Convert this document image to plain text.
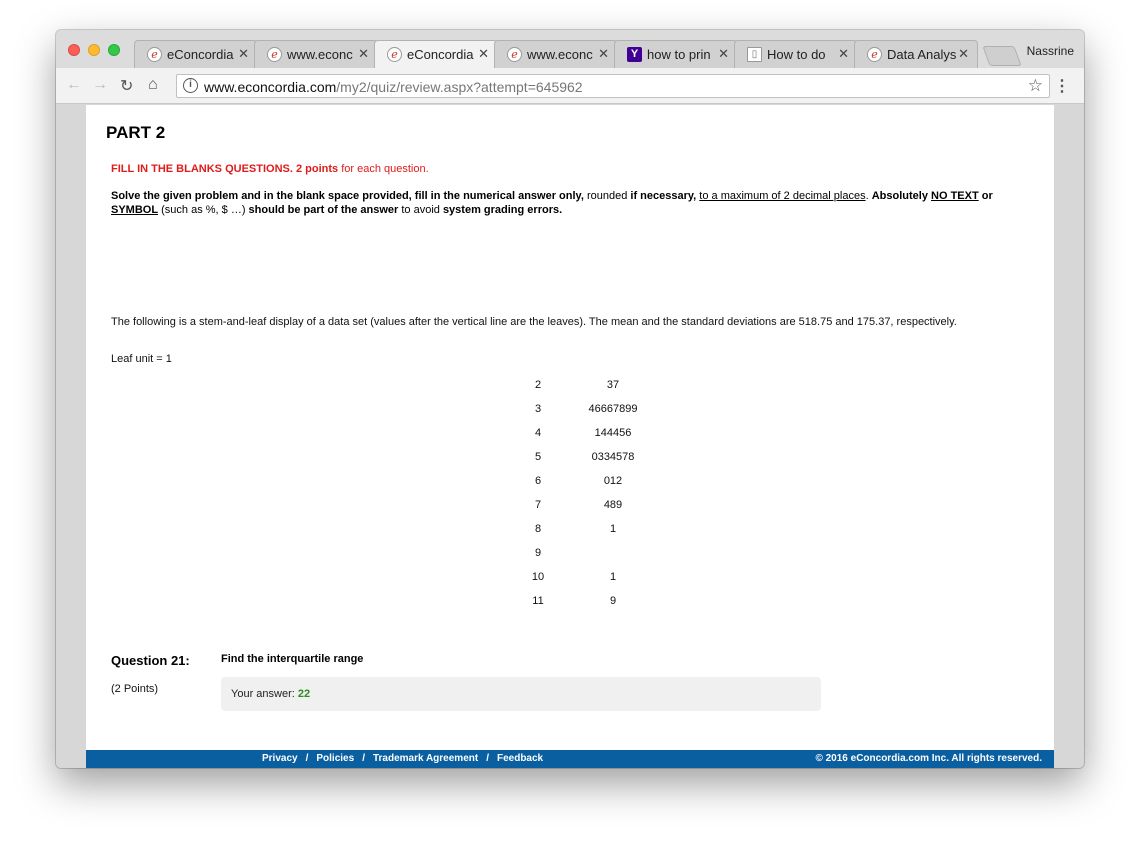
e eConcordia ✕	e www.econc ✕	e eConcordia ✕	e www.econc ✕	Y how to prin ✕	▯ How to do ✕	e Data Analys ✕	Nassrine
← → ↻ ⌂	i www.econcordia.com/my2/quiz/review.aspx?attempt=645962	☆ ⋮
PART 2
FILL IN THE BLANKS QUESTIONS. 2 points for each question.
Solve the given problem and in the blank space provided, fill in the numerical answer only, rounded if necessary, to a maximum of 2 decimal places. Absolutely NO TEXT or SYMBOL (such as %, $ …) should be part of the answer to avoid system grading errors.
The following is a stem-and-leaf display of a data set (values after the vertical line are the leaves). The mean and the standard deviations are 518.75 and 175.37, respectively.
Leaf unit = 1
2	37
3	46667899
4	144456
5	0334578
6	012
7	489
8	1
9
10	1
11	9
Question 21:	Find the interquartile range
(2 Points)	Your answer: 22
Privacy / Policies / Trademark Agreement / Feedback	© 2016 eConcordia.com Inc. All rights reserved.
